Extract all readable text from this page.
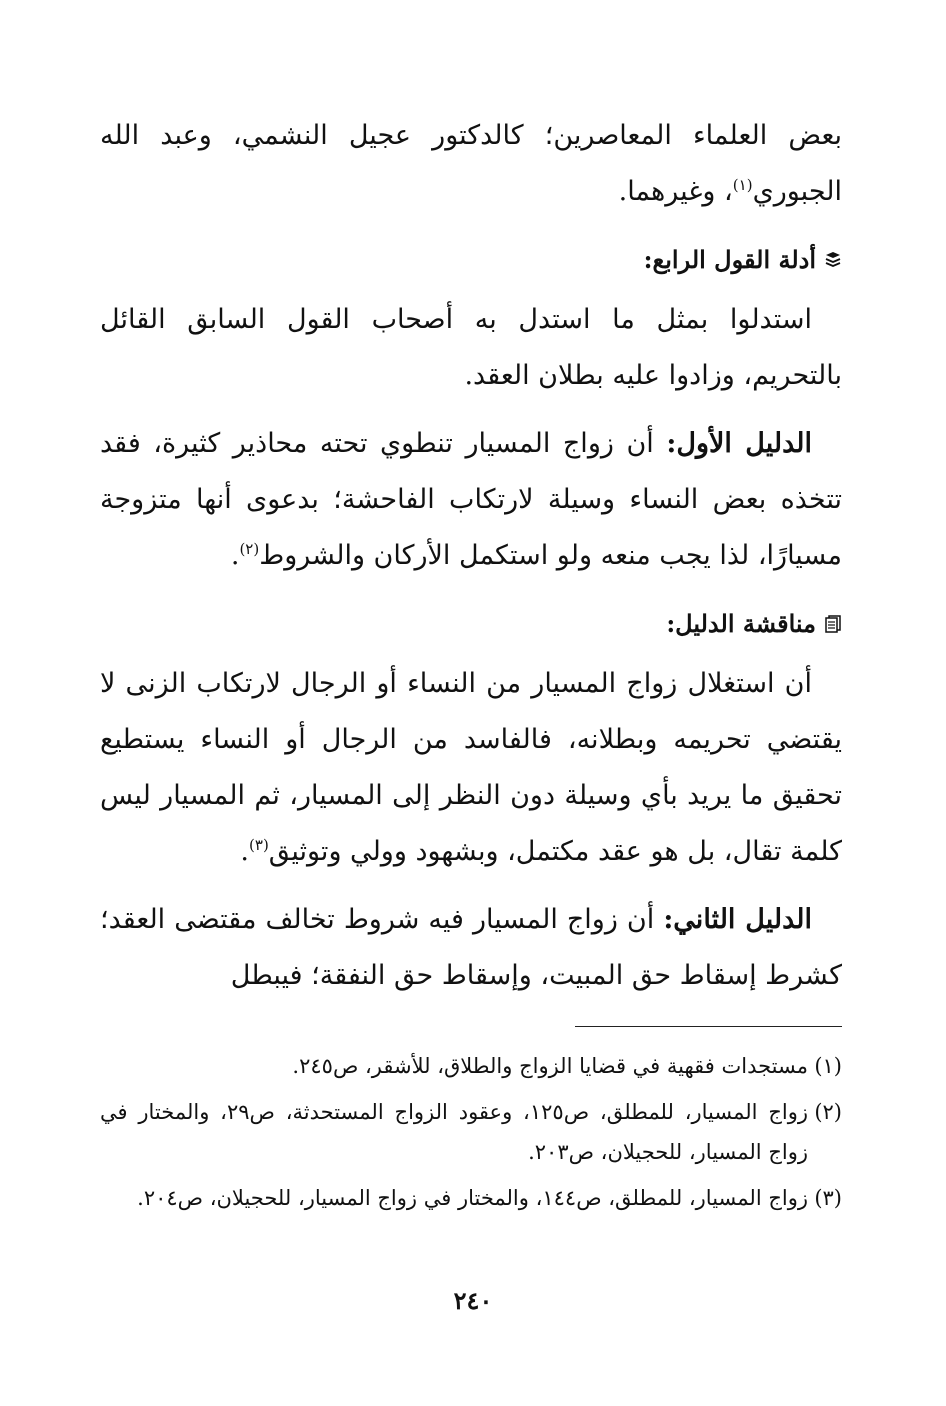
بعض العلماء المعاصرين؛ كالدكتور عجيل النشمي، وعبد الله الجبوري$^{(١)}$، وغيرهما.

أدلة القول الرابع:

استدلوا بمثل ما استدل به أصحاب القول السابق القائل بالتحريم، وزادوا عليه بطلان العقد.

الدليل الأول: أن زواج المسيار تنطوي تحته محاذير كثيرة، فقد تتخذه بعض النساء وسيلة لارتكاب الفاحشة؛ بدعوى أنها متزوجة مسيارًا، لذا يجب منعه ولو استكمل الأركان والشروط$^{(٢)}$.

مناقشة الدليل:

أن استغلال زواج المسيار من النساء أو الرجال لارتكاب الزنى لا يقتضي تحريمه وبطلانه، فالفاسد من الرجال أو النساء يستطيع تحقيق ما يريد بأي وسيلة دون النظر إلى المسيار، ثم المسيار ليس كلمة تقال، بل هو عقد مكتمل، وبشهود وولي وتوثيق$^{(٣)}$.

الدليل الثاني: أن زواج المسيار فيه شروط تخالف مقتضى العقد؛ كشرط إسقاط حق المبيت، وإسقاط حق النفقة؛ فيبطل

(١)
مستجدات فقهية في قضايا الزواج والطلاق، للأشقر، ص٢٤٥.
(٢)
زواج المسيار، للمطلق، ص١٢٥، وعقود الزواج المستحدثة، ص٢٩، والمختار في زواج المسيار، للحجيلان، ص٢٠٣.
(٣)
زواج المسيار، للمطلق، ص١٤٤، والمختار في زواج المسيار، للحجيلان، ص٢٠٤.
٢٤٠
